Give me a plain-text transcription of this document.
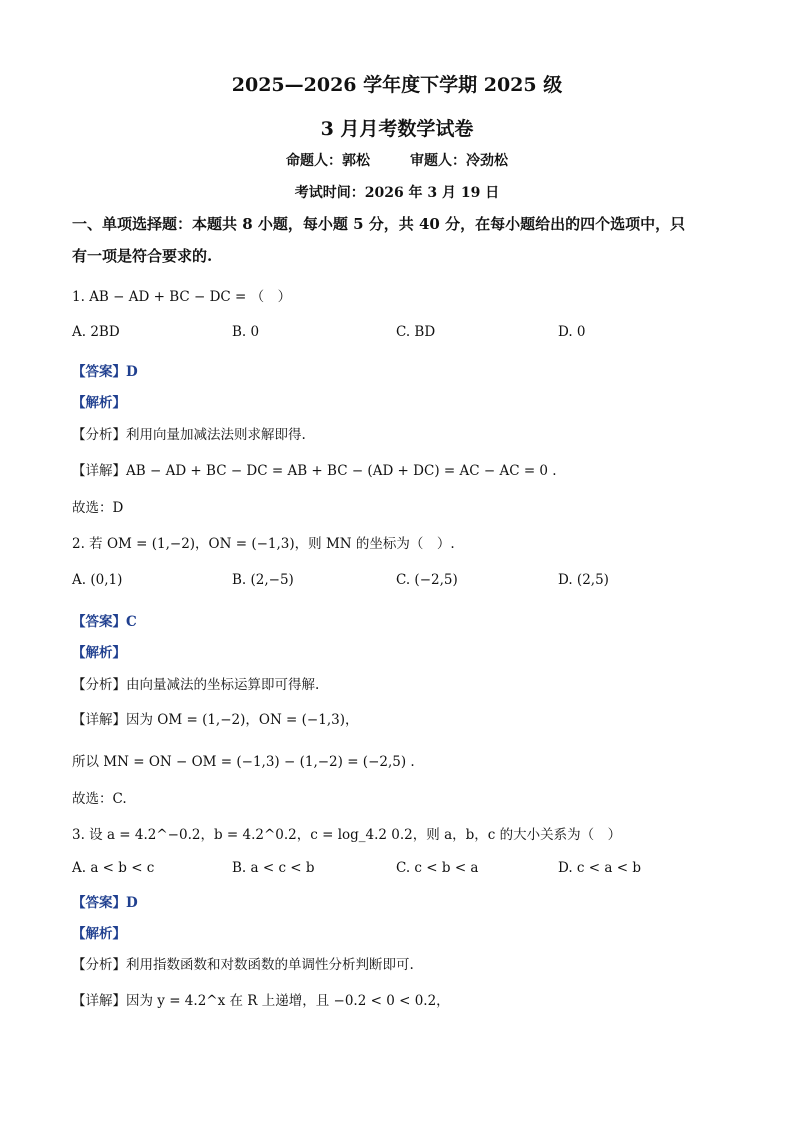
2025—2026 学年度下学期 2025 级
3 月月考数学试卷
命题人：郭松	审题人：冷劲松
考试时间：2026 年 3 月 19 日
一、单项选择题：本题共 8 小题，每小题 5 分，共 40 分，在每小题给出的四个选项中，只
有一项是符合要求的.
1. AB − AD + BC − DC = （　）
A. 2BD	B. 0	C. BD	D. 0
【答案】D
【解析】
【分析】利用向量加减法法则求解即得.
【详解】AB − AD + BC − DC = AB + BC − (AD + DC) = AC − AC = 0 .
故选：D
2. 若 OM = (1,−2)，ON = (−1,3)，则 MN 的坐标为（　）.
A. (0,1)	B. (2,−5)	C. (−2,5)	D. (2,5)
【答案】C
【解析】
【分析】由向量减法的坐标运算即可得解.
【详解】因为 OM = (1,−2)，ON = (−1,3)，
所以 MN = ON − OM = (−1,3) − (1,−2) = (−2,5) .
故选：C.
3. 设 a = 4.2^−0.2，b = 4.2^0.2，c = log_4.2 0.2，则 a，b，c 的大小关系为（　）
A. a < b < c	B. a < c < b	C. c < b < a	D. c < a < b
【答案】D
【解析】
【分析】利用指数函数和对数函数的单调性分析判断即可.
【详解】因为 y = 4.2^x 在 R 上递增，且 −0.2 < 0 < 0.2，
